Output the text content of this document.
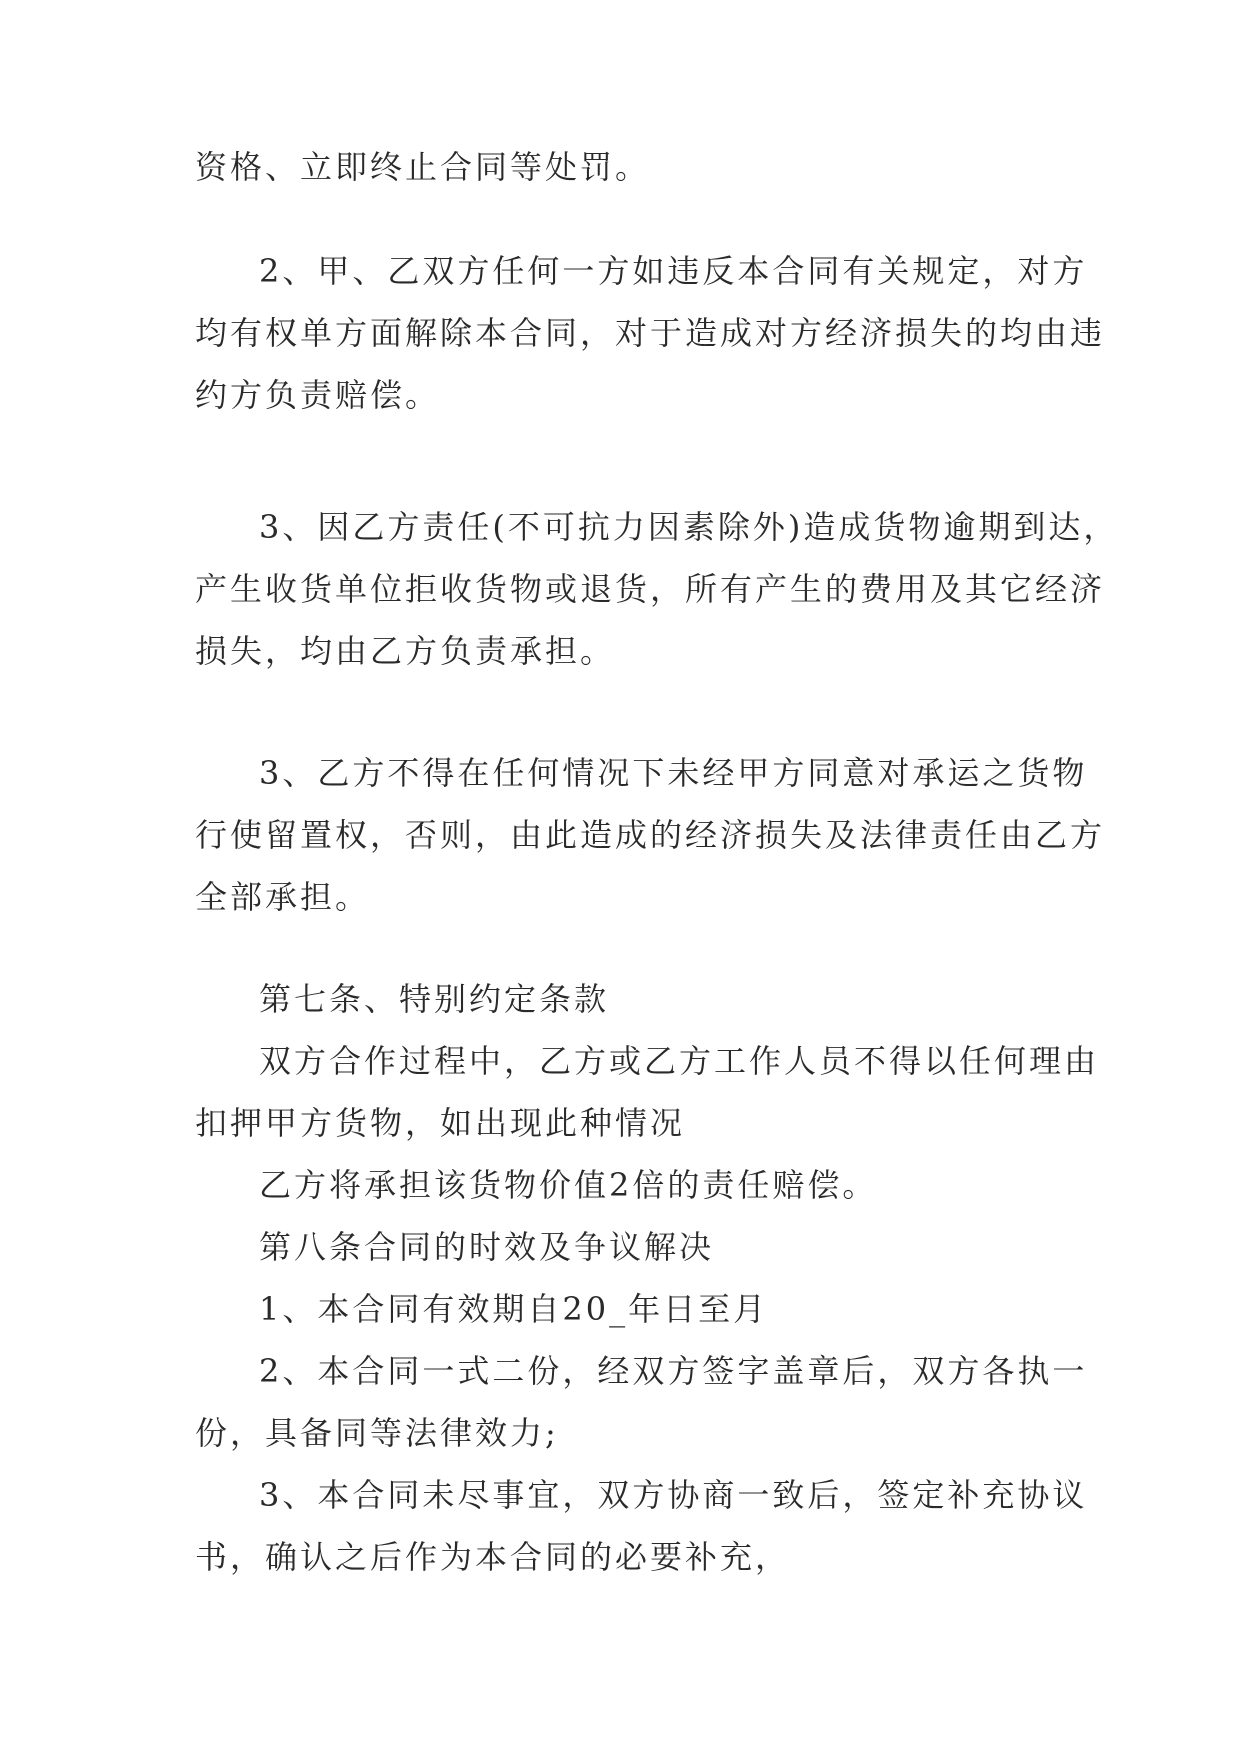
资格、立即终止合同等处罚。

2、甲、乙双方任何一方如违反本合同有关规定，对方
均有权单方面解除本合同，对于造成对方经济损失的均由违
约方负责赔偿。

3、因乙方责任(不可抗力因素除外)造成货物逾期到达，
产生收货单位拒收货物或退货，所有产生的费用及其它经济
损失，均由乙方负责承担。

3、乙方不得在任何情况下未经甲方同意对承运之货物
行使留置权，否则，由此造成的经济损失及法律责任由乙方
全部承担。

第七条、特别约定条款

双方合作过程中，乙方或乙方工作人员不得以任何理由
扣押甲方货物，如出现此种情况

乙方将承担该货物价值2倍的责任赔偿。

第八条合同的时效及争议解决

1、本合同有效期自20_年日至月

2、本合同一式二份，经双方签字盖章后，双方各执一
份，具备同等法律效力;

3、本合同未尽事宜，双方协商一致后，签定补充协议
书，确认之后作为本合同的必要补充，
